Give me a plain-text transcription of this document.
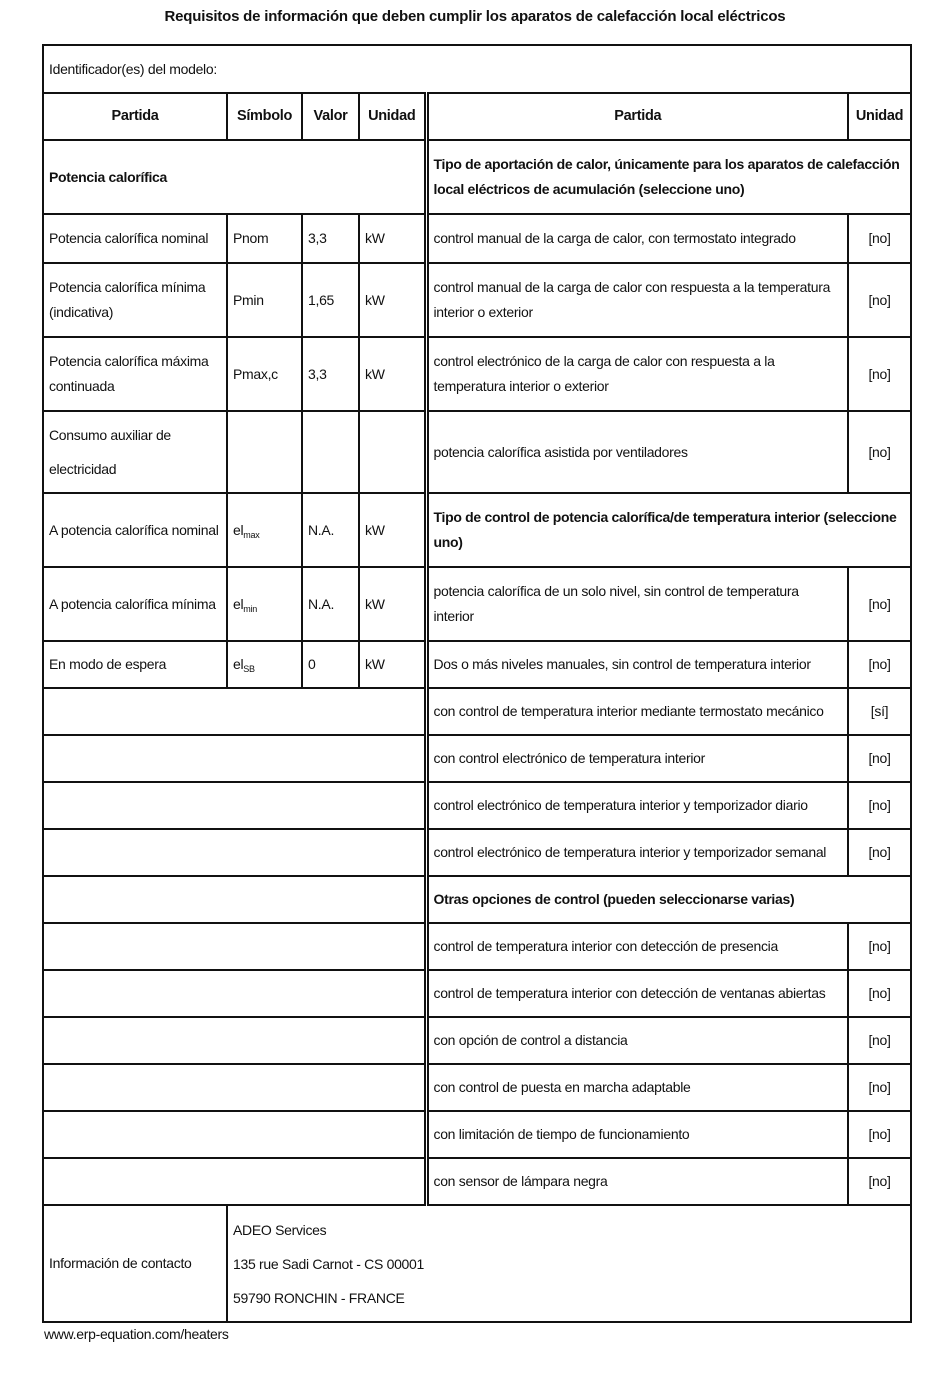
Requisitos de información que deben cumplir los aparatos de calefacción local eléctricos
Identificador(es) del modelo:					
Partida	Símbolo	Valor	Unidad	Partida	Unidad
Potencia calorífica				Tipo de aportación de calor, únicamente para los aparatos de calefacción local eléctricos de acumulación (seleccione uno)	
Potencia calorífica nominal	Pnom	3,3	kW	control manual de la carga de calor, con termostato integrado	[no]
Potencia calorífica mínima (indicativa)	Pmin	1,65	kW	control manual de la carga de calor con respuesta a la temperatura interior o exterior	[no]
Potencia calorífica máxima continuada	Pmax,c	3,3	kW	control electrónico de la carga de calor con respuesta a la temperatura interior o exterior	[no]
Consumo auxiliar de electricidad				potencia calorífica asistida por ventiladores	[no]
A potencia calorífica nominal	$el_{max}$	N.A.	kW	Tipo de control de potencia calorífica/de temperatura interior (seleccione uno)	
A potencia calorífica mínima	$el_{min}$	N.A.	kW	potencia calorífica de un solo nivel, sin control de temperatura interior	[no]
En modo de espera	$el_{SB}$	0	kW	Dos o más niveles manuales, sin control de temperatura interior	[no]
				con control de temperatura interior mediante termostato mecánico	[sí]
				con control electrónico de temperatura interior	[no]
				control electrónico de temperatura interior y temporizador diario	[no]
				control electrónico de temperatura interior y temporizador semanal	[no]
				Otras opciones de control (pueden seleccionarse varias)	
				control de temperatura interior con detección de presencia	[no]
				control de temperatura interior con detección de ventanas abiertas	[no]
				con opción de control a distancia	[no]
				con control de puesta en marcha adaptable	[no]
				con limitación de tiempo de funcionamiento	[no]
				con sensor de lámpara negra	[no]
Información de contacto	ADEO Services
135 rue Sadi Carnot - CS 00001
59790 RONCHIN - FRANCE				
www.erp-equation.com/heaters
